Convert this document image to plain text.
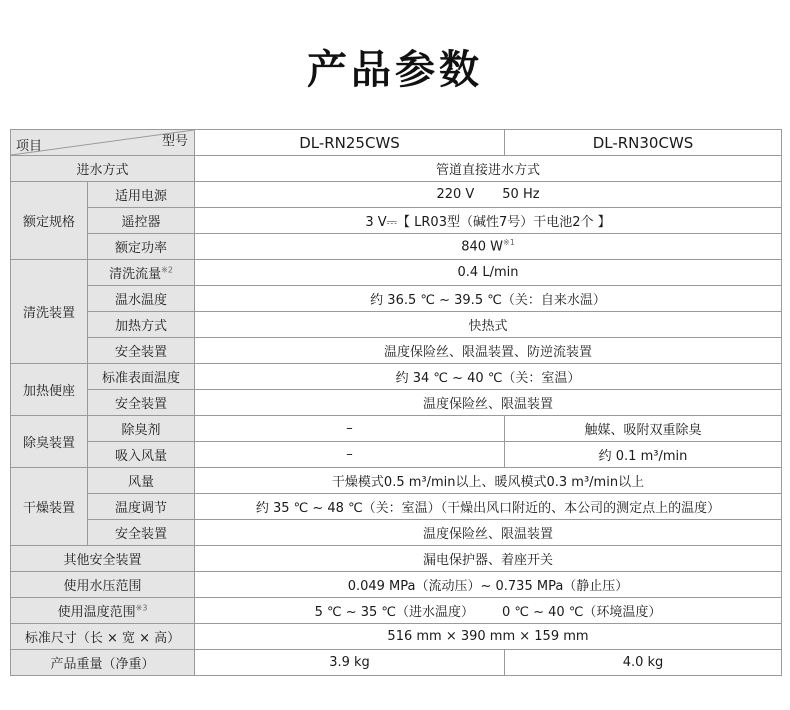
产品参数
型号
项目		DL-RN25CWS	DL-RN30CWS
进水方式		管道直接进水方式	
额定规格	适用电源	220 V 50 Hz	
	遥控器	3 V⎓【 LR03型（碱性7号）干电池2个 】	
	额定功率	840 W$^{※1}$
清洗装置	清洗流量$^{※2}$	0.4 L/min	
	温水温度	约 36.5 ℃ ~ 39.5 ℃（关：自来水温）	
	加热方式	快热式	
	安全装置	温度保险丝、限温装置、防逆流装置	
加热便座	标准表面温度	约 34 ℃ ~ 40 ℃（关：室温）	
	安全装置	温度保险丝、限温装置	
除臭装置	除臭剂	–	触媒、吸附双重除臭
	吸入风量	–	约 0.1 m³/min
干燥装置	风量	干燥模式0.5 m³/min以上、暖风模式0.3 m³/min以上	
	温度调节	约 35 ℃ ~ 48 ℃（关：室温）（干燥出风口附近的、本公司的测定点上的温度）	
	安全装置	温度保险丝、限温装置	
其他安全装置		漏电保护器、着座开关	
使用水压范围		0.049 MPa（流动压）~ 0.735 MPa（静止压）	
使用温度范围$^{※3}$		5 ℃ ~ 35 ℃（进水温度） 0 ℃ ~ 40 ℃（环境温度）	
标准尺寸（长 × 宽 × 高）		516 mm × 390 mm × 159 mm	
产品重量（净重）		3.9 kg	4.0 kg
